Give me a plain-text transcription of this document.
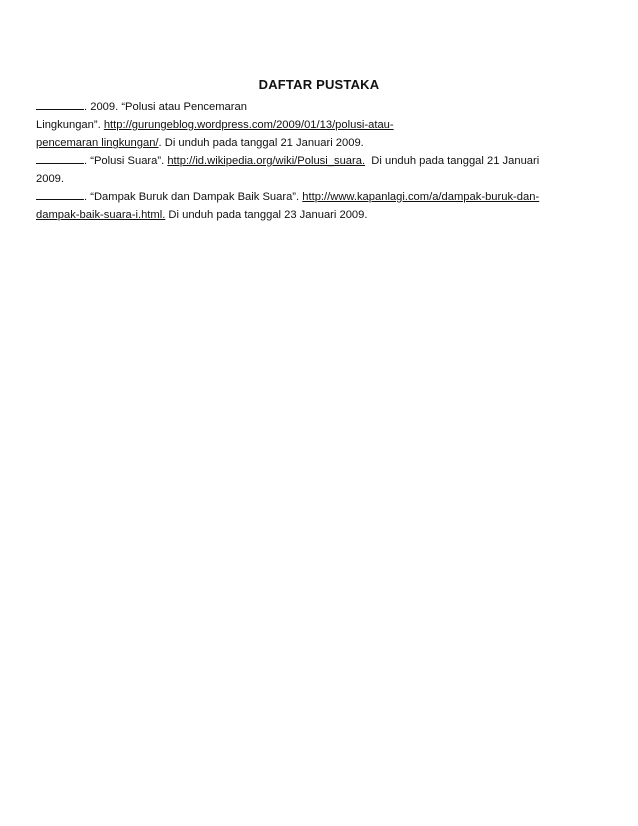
DAFTAR PUSTAKA

. 2009. “Polusi atau Pencemaran
Lingkungan”. http://gurungeblog.wordpress.com/2009/01/13/polusi-atau-
pencemaran lingkungan/. Di unduh pada tanggal 21 Januari 2009.

. “Polusi Suara”. http://id.wikipedia.org/wiki/Polusi_suara.  Di unduh pada tanggal 21 Januari
2009.

. “Dampak Buruk dan Dampak Baik Suara”. http://www.kapanlagi.com/a/dampak-buruk-dan-
dampak-baik-suara-i.html. Di unduh pada tanggal 23 Januari 2009.
